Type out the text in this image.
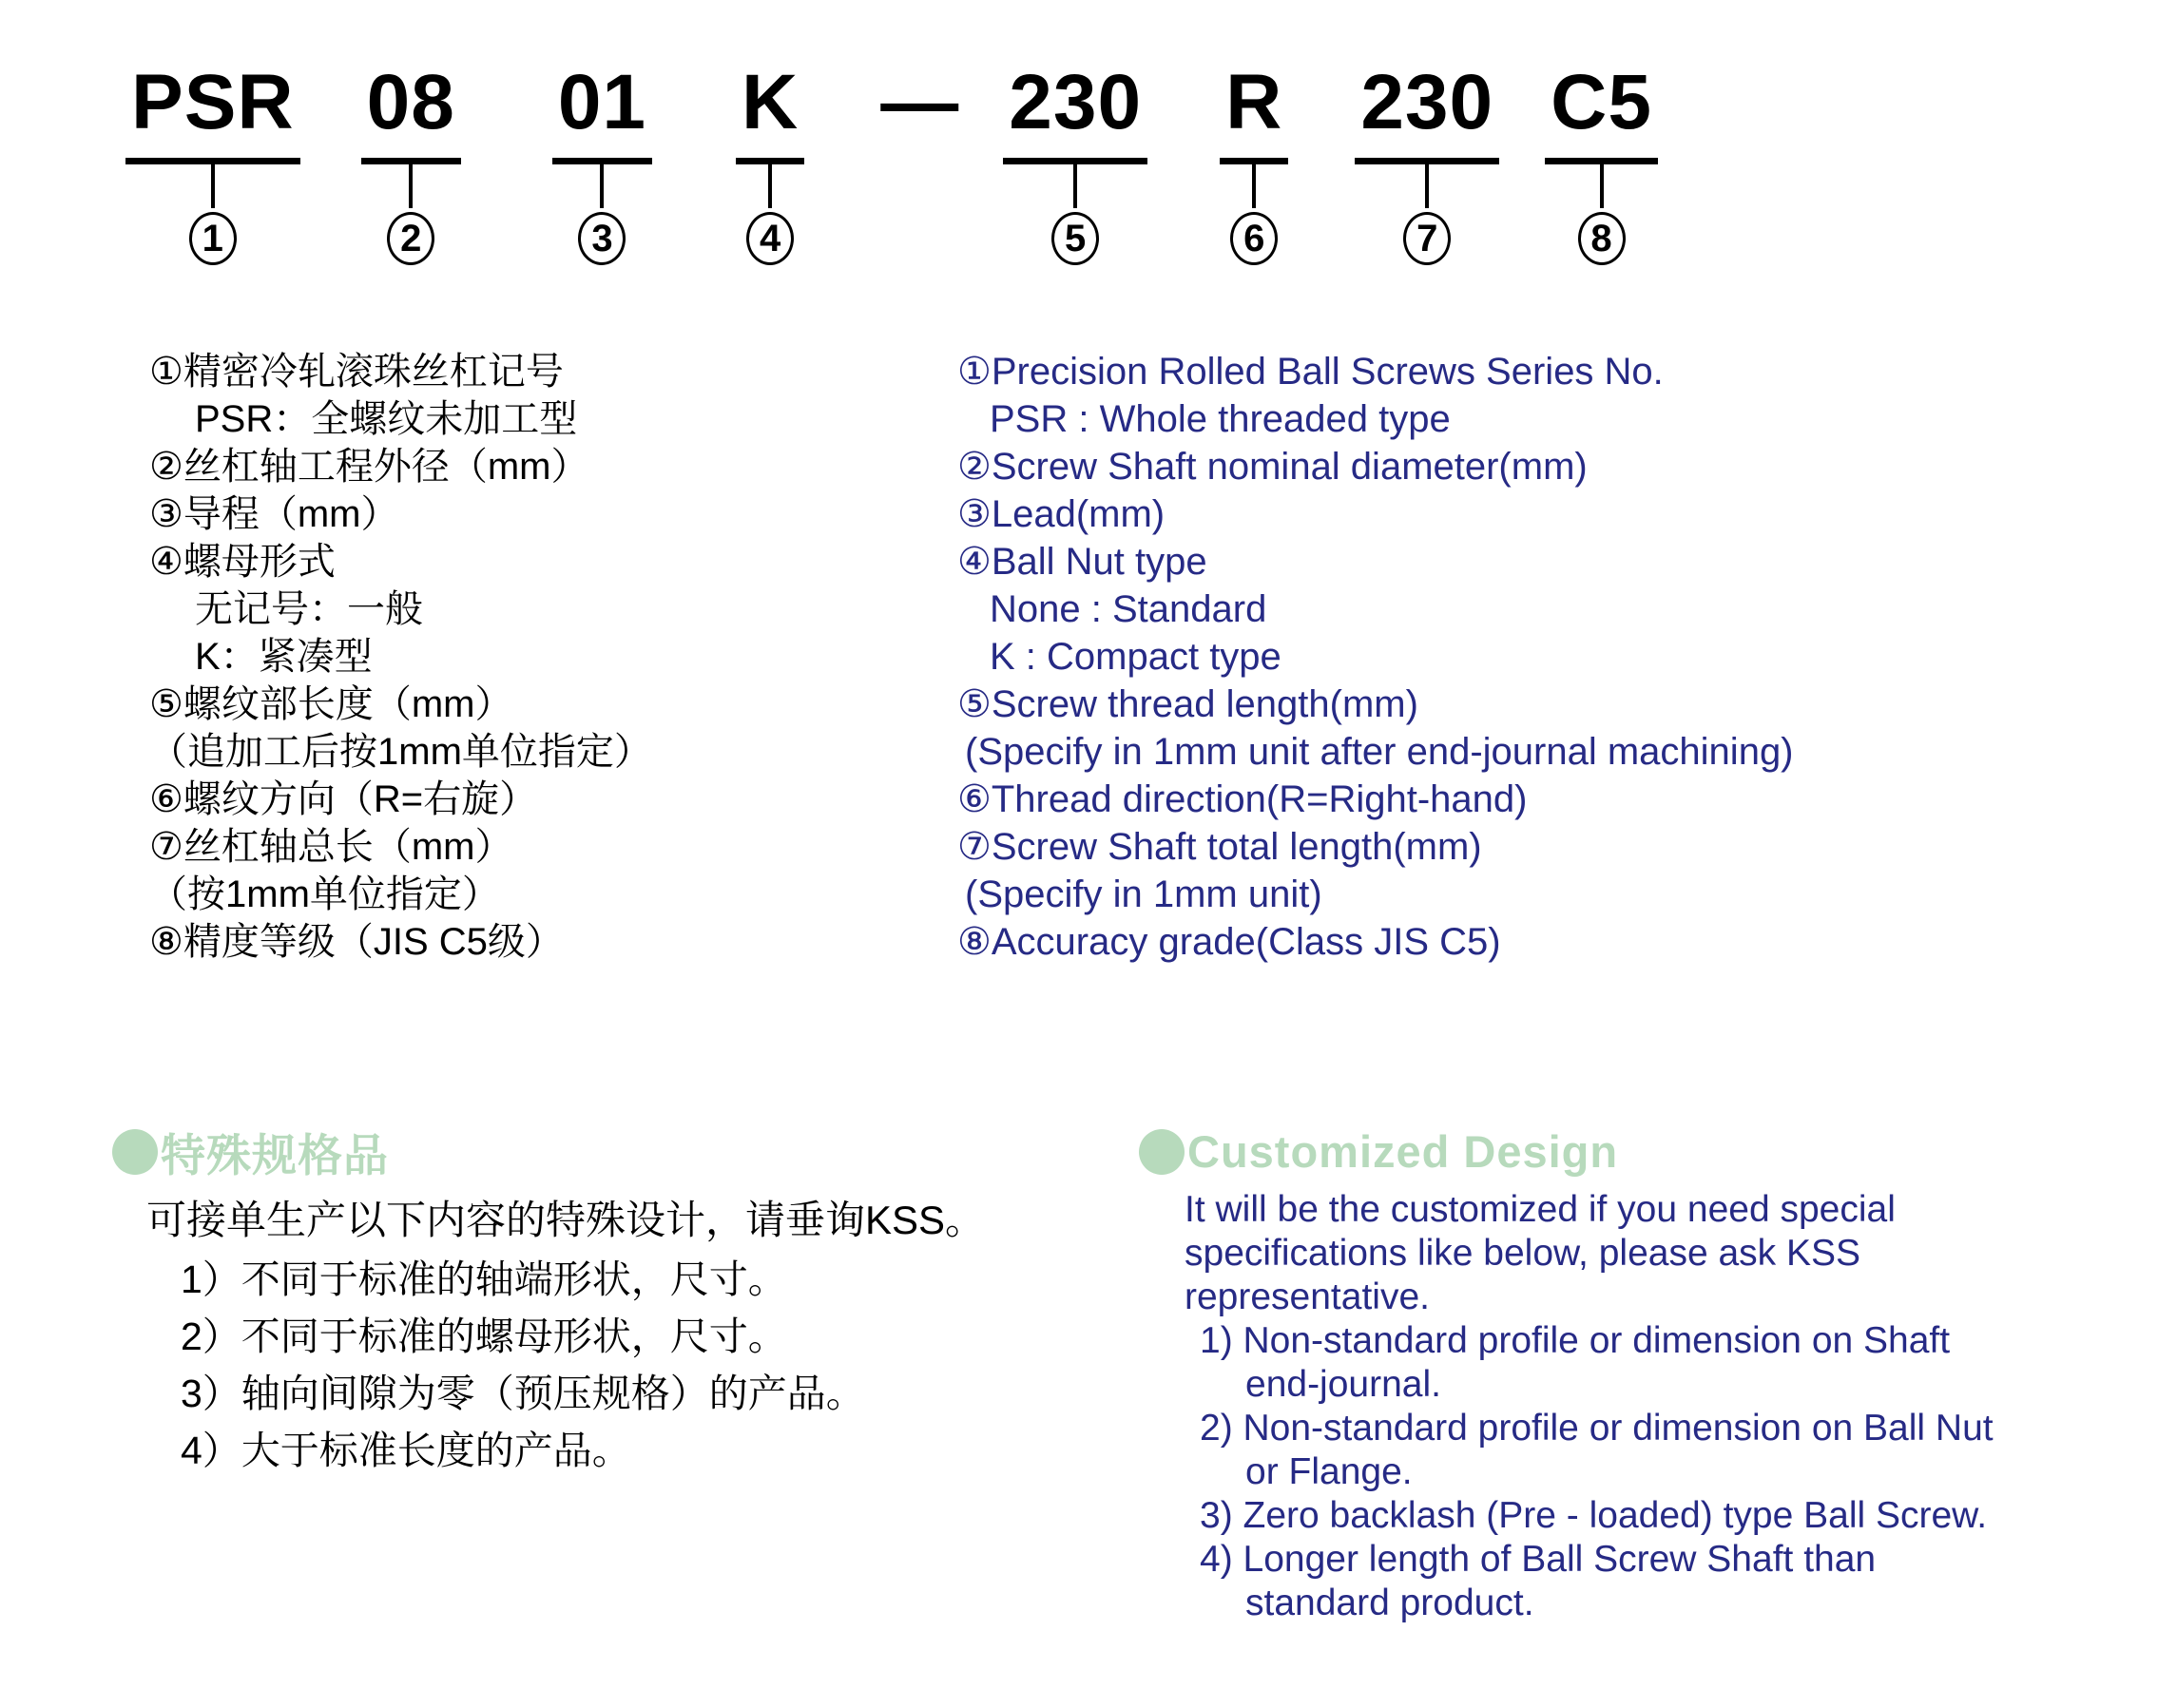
PSR
1
08
2
01
3
K
4
— 230
5
R
6
230
7
C5
8
①精密冷轧滚珠丝杠记号
PSR：全螺纹未加工型
②丝杠轴工程外径（mm）
③导程（mm）
④螺母形式
无记号：一般
K：紧凑型
⑤螺纹部长度（mm）
（追加工后按1mm单位指定）
⑥螺纹方向（R=右旋）
⑦丝杠轴总长（mm）
（按1mm单位指定）
⑧精度等级（JIS C5级）
①Precision Rolled Ball Screws Series No.
PSR : Whole threaded type
②Screw Shaft nominal diameter(mm)
③Lead(mm)
④Ball Nut type
None : Standard
K : Compact type
⑤Screw thread length(mm)
(Specify in 1mm unit after end-journal machining)
⑥Thread direction(R=Right-hand)
⑦Screw Shaft total length(mm)
(Specify in 1mm unit)
⑧Accuracy grade(Class JIS C5)
特殊规格品
可接单生产以下内容的特殊设计，请垂询KSS。
1）不同于标准的轴端形状，尺寸。
2）不同于标准的螺母形状，尺寸。
3）轴向间隙为零（预压规格）的产品。
4）大于标准长度的产品。
Customized Design
It will be the customized if you need special
specifications like below, please ask KSS
representative.
1) Non-standard profile or dimension on Shaft
end-journal.
2) Non-standard profile or dimension on Ball Nut
or Flange.
3) Zero backlash (Pre - loaded) type Ball Screw.
4) Longer length of Ball Screw Shaft than
standard product.
